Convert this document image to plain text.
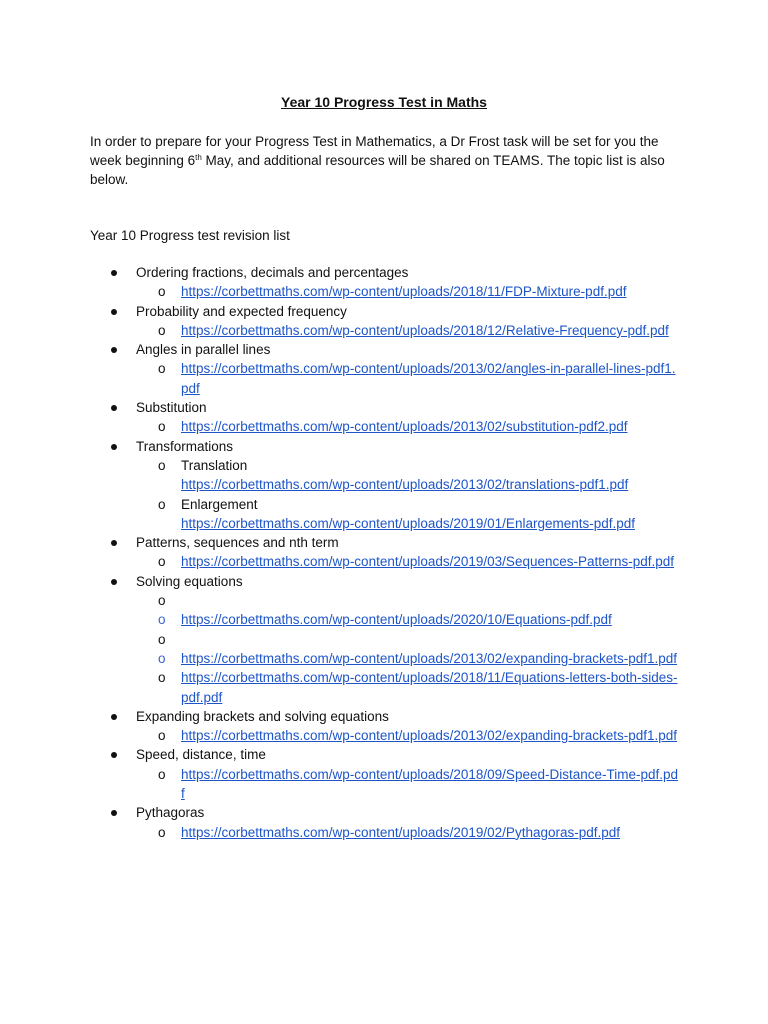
Year 10 Progress Test in Maths

In order to prepare for your Progress Test in Mathematics, a Dr Frost task will be set for you the week beginning 6th May, and additional resources will be shared on TEAMS. The topic list is also below.

Year 10 Progress test revision list
Ordering fractions, decimals and percentages
o https://corbettmaths.com/wp-content/uploads/2018/11/FDP-Mixture-pdf.pdf
Probability and expected frequency
o https://corbettmaths.com/wp-content/uploads/2018/12/Relative-Frequency-pdf.pdf
Angles in parallel lines
o https://corbettmaths.com/wp-content/uploads/2013/02/angles-in-parallel-lines-pdf1.pdf
Substitution
o https://corbettmaths.com/wp-content/uploads/2013/02/substitution-pdf2.pdf
Transformations
o Translation
https://corbettmaths.com/wp-content/uploads/2013/02/translations-pdf1.pdf
o Enlargement
https://corbettmaths.com/wp-content/uploads/2019/01/Enlargements-pdf.pdf
Patterns, sequences and nth term
o https://corbettmaths.com/wp-content/uploads/2019/03/Sequences-Patterns-pdf.pdf
Solving equations
o
o https://corbettmaths.com/wp-content/uploads/2020/10/Equations-pdf.pdf
o
o https://corbettmaths.com/wp-content/uploads/2013/02/expanding-brackets-pdf1.pdf
o https://corbettmaths.com/wp-content/uploads/2018/11/Equations-letters-both-sides-pdf.pdf
Expanding brackets and solving equations
o https://corbettmaths.com/wp-content/uploads/2013/02/expanding-brackets-pdf1.pdf
Speed, distance, time
o https://corbettmaths.com/wp-content/uploads/2018/09/Speed-Distance-Time-pdf.pdf
Pythagoras
o https://corbettmaths.com/wp-content/uploads/2019/02/Pythagoras-pdf.pdf
